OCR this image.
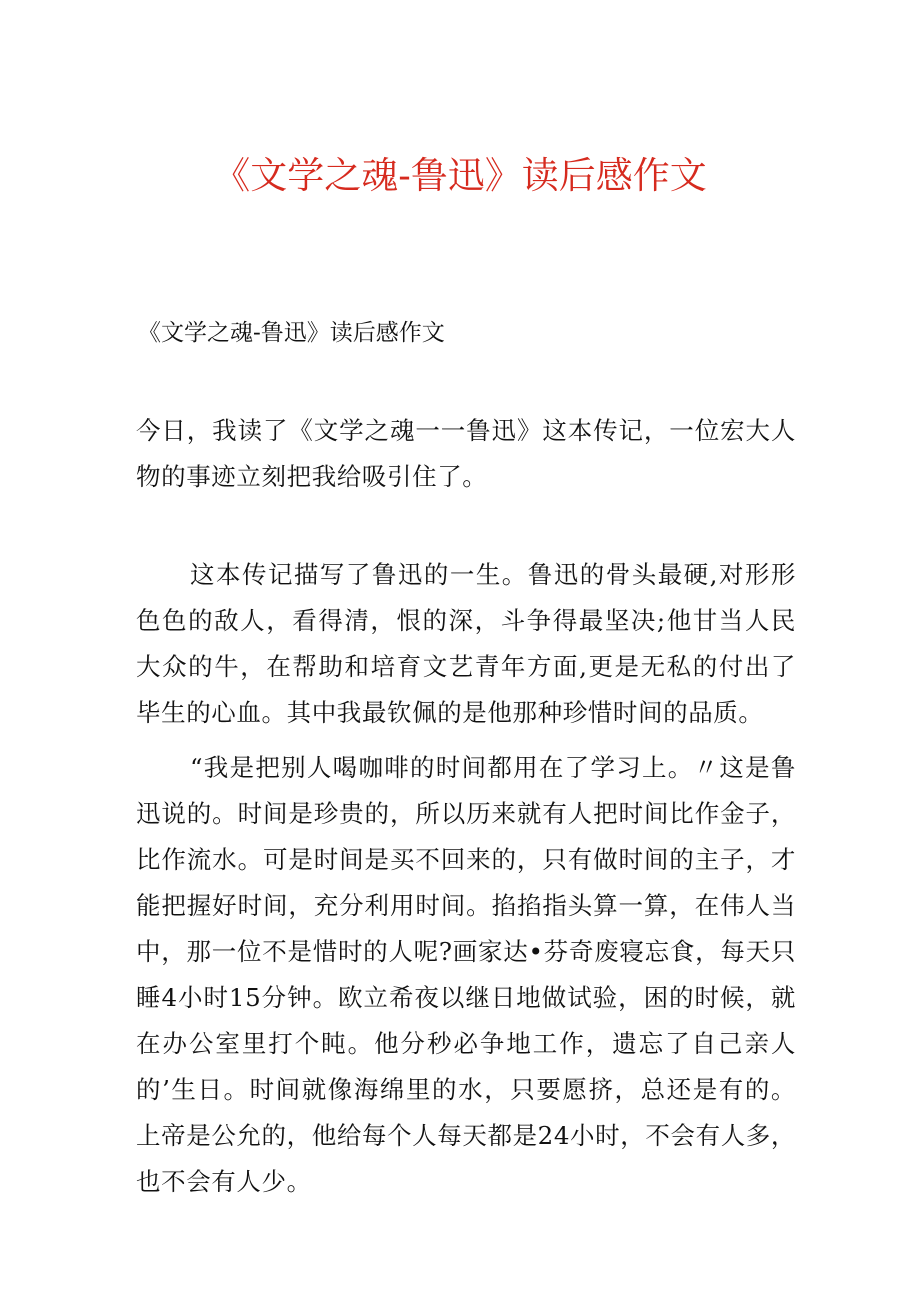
《文学之魂-鲁迅》读后感作文
《文学之魂-鲁迅》读后感作文
今日，我读了《文学之魂一一鲁迅》这本传记，一位宏大人物的事迹立刻把我给吸引住了。
这本传记描写了鲁迅的一生。鲁迅的骨头最硬,对形形色色的敌人，看得清，恨的深，斗争得最坚决;他甘当人民大众的牛，在帮助和培育文艺青年方面,更是无私的付出了毕生的心血。其中我最钦佩的是他那种珍惜时间的品质。
“我是把别人喝咖啡的时间都用在了学习上。〃这是鲁迅说的。时间是珍贵的，所以历来就有人把时间比作金子，比作流水。可是时间是买不回来的，只有做时间的主子，才能把握好时间，充分利用时间。掐掐指头算一算，在伟人当中，那一位不是惜时的人呢?画家达•芬奇废寝忘食，每天只睡4小时15分钟。欧立希夜以继日地做试验，困的时候，就在办公室里打个盹。他分秒必争地工作，遗忘了自己亲人的’生日。时间就像海绵里的水，只要愿挤，总还是有的。上帝是公允的，他给每个人每天都是24小时，不会有人多，也不会有人少。
